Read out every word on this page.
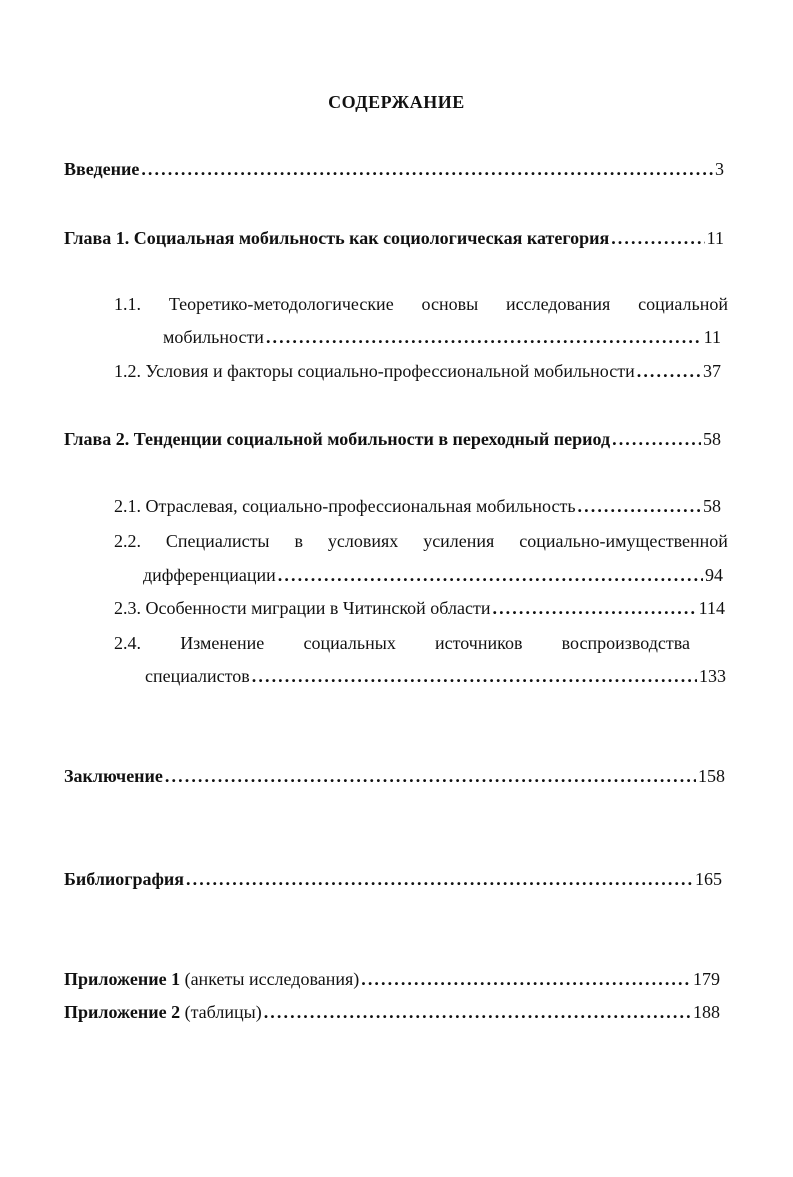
СОДЕРЖАНИЕ
Введение . . .	3
Глава 1. Социальная мобильность как социологическая категория . . .	11
1.1. Теоретико-методологические основы исследования социальной
мобильности . . .	11
1.2. Условия и факторы социально-профессиональной мобильности . . .	37
Глава 2. Тенденции социальной мобильности в переходный период . . .	58
2.1. Отраслевая, социально-профессиональная мобильность . . .	58
2.2. Специалисты в условиях усиления социально-имущественной
дифференциации . . .	94
2.3. Особенности миграции в Читинской области . . .	114
2.4. Изменение социальных источников воспроизводства
специалистов . . .	133
Заключение . . .	158
Библиография . . .	165
Приложение 1 (анкеты исследования) . . .	179
Приложение 2 (таблицы) . . .	188
